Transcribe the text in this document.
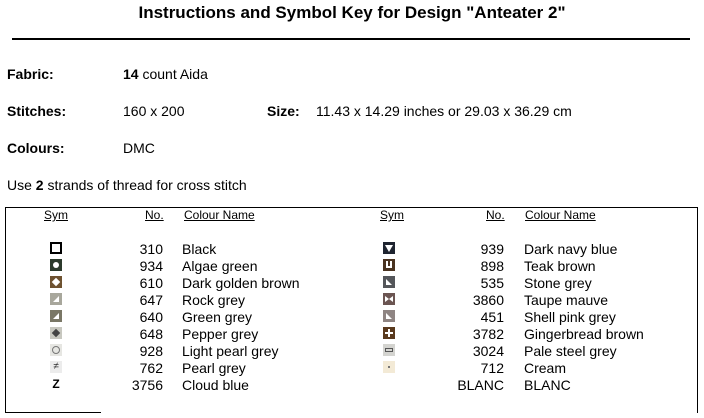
Instructions and Symbol Key for Design "Anteater 2"
Fabric:	14 count Aida
Stitches:	160 x 200	Size: 11.43 x 14.29 inches or 29.03 x 36.29 cm
Colours:	DMC
Use 2 strands of thread for cross stitch
Sym	No. Colour Name	Sym	No. Colour Name
310 Black
934 Algae green
610 Dark golden brown
647 Rock grey
640 Green grey
648 Pepper grey
928 Light pearl grey
≠	762 Pearl grey
Z	3756 Cloud blue
939 Dark navy blue
898 Teak brown
535 Stone grey
3860 Taupe mauve
451 Shell pink grey
3782 Gingerbread brown
3024 Pale steel grey
712 Cream
BLANC BLANC
